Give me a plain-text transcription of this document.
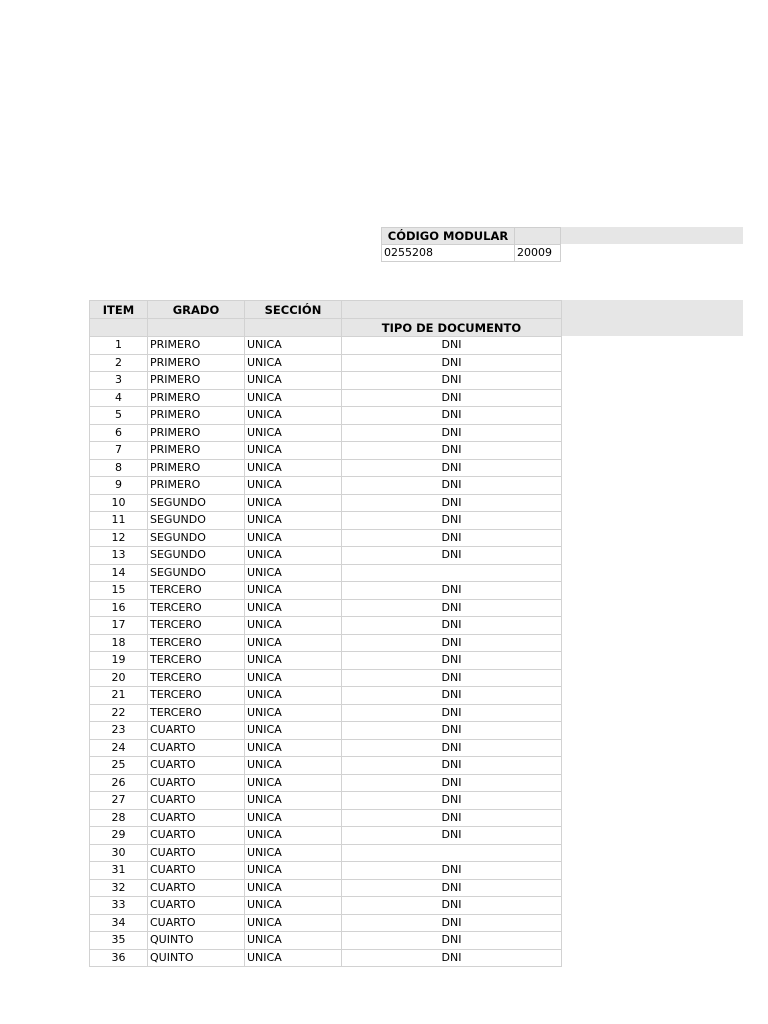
CÓDIGO MODULAR	
0255208	20009
ITEM	GRADO	SECCIÓN	
			TIPO DE DOCUMENTO
1	PRIMERO	UNICA	DNI
2	PRIMERO	UNICA	DNI
3	PRIMERO	UNICA	DNI
4	PRIMERO	UNICA	DNI
5	PRIMERO	UNICA	DNI
6	PRIMERO	UNICA	DNI
7	PRIMERO	UNICA	DNI
8	PRIMERO	UNICA	DNI
9	PRIMERO	UNICA	DNI
10	SEGUNDO	UNICA	DNI
11	SEGUNDO	UNICA	DNI
12	SEGUNDO	UNICA	DNI
13	SEGUNDO	UNICA	DNI
14	SEGUNDO	UNICA	
15	TERCERO	UNICA	DNI
16	TERCERO	UNICA	DNI
17	TERCERO	UNICA	DNI
18	TERCERO	UNICA	DNI
19	TERCERO	UNICA	DNI
20	TERCERO	UNICA	DNI
21	TERCERO	UNICA	DNI
22	TERCERO	UNICA	DNI
23	CUARTO	UNICA	DNI
24	CUARTO	UNICA	DNI
25	CUARTO	UNICA	DNI
26	CUARTO	UNICA	DNI
27	CUARTO	UNICA	DNI
28	CUARTO	UNICA	DNI
29	CUARTO	UNICA	DNI
30	CUARTO	UNICA	
31	CUARTO	UNICA	DNI
32	CUARTO	UNICA	DNI
33	CUARTO	UNICA	DNI
34	CUARTO	UNICA	DNI
35	QUINTO	UNICA	DNI
36	QUINTO	UNICA	DNI
